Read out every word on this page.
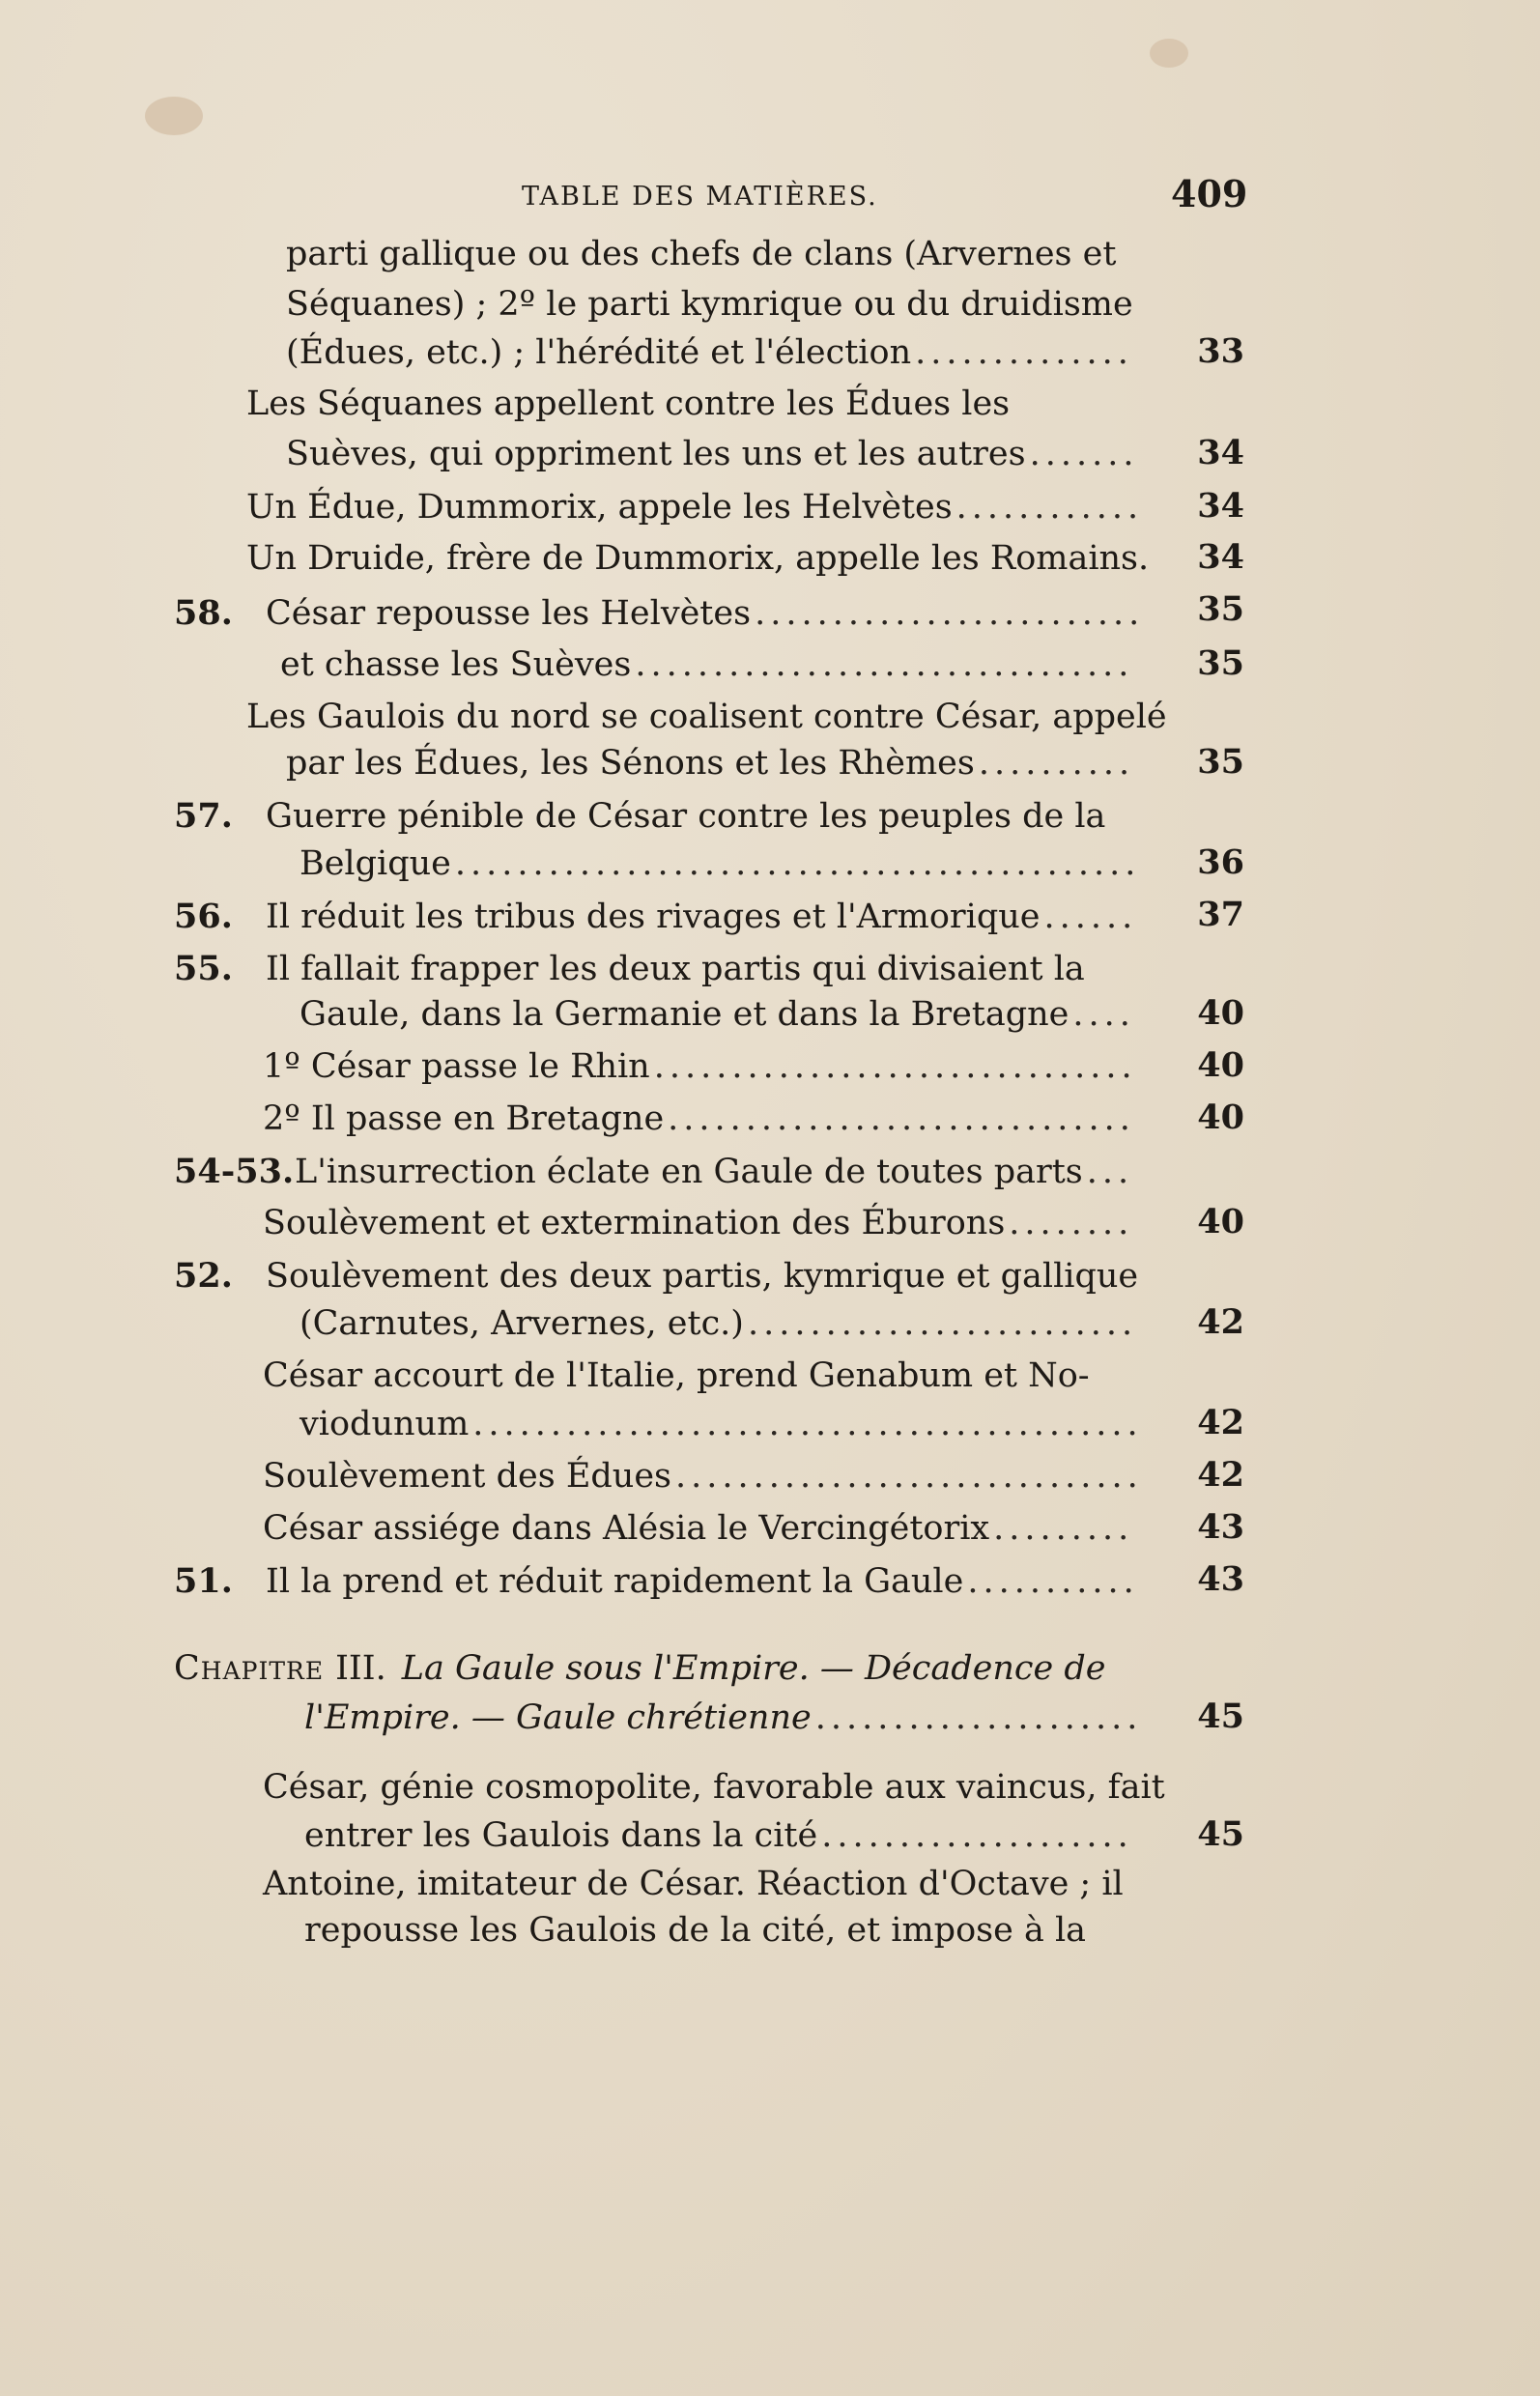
TABLE DES MATIÈRES.	409
parti gallique ou des chefs de clans (Arvernes et
Séquanes) ; 2º le parti kymrique ou du druidisme
(Édues, etc.) ; l'hérédité et l'élection .....	33
Les Séquanes appellent contre les Édues les
Suèves, qui oppriment les uns et les autres .....	34
Un Édue, Dummorix, appele les Helvètes .....	34
Un Druide, frère de Dummorix, appelle les Romains.	34
58. César repousse les Helvètes .....	35
et chasse les Suèves .....	35
Les Gaulois du nord se coalisent contre César, appelé
par les Édues, les Sénons et les Rhèmes .....	35
57. Guerre pénible de César contre les peuples de la
Belgique .....	36
56. Il réduit les tribus des rivages et l'Armorique .....	37
55. Il fallait frapper les deux partis qui divisaient la
Gaule, dans la Germanie et dans la Bretagne .....	40
1º César passe le Rhin .....	40
2º Il passe en Bretagne .....	40
54-53. L'insurrection éclate en Gaule de toutes parts
.....
Soulèvement et extermination des Éburons .....	40
52. Soulèvement des deux partis, kymrique et gallique
(Carnutes, Arvernes, etc.) .....	42
César accourt de l'Italie, prend Genabum et No-
viodunum .....	42
Soulèvement des Édues .....	42
César assiége dans Alésia le Vercingétorix .....	43
51. Il la prend et réduit rapidement la Gaule .....	43
Chapitre III. La Gaule sous l'Empire. — Décadence de
l'Empire. — Gaule chrétienne .....	45
César, génie cosmopolite, favorable aux vaincus, fait
entrer les Gaulois dans la cité .....	45
Antoine, imitateur de César. Réaction d'Octave ; il
repousse les Gaulois de la cité, et impose à la
